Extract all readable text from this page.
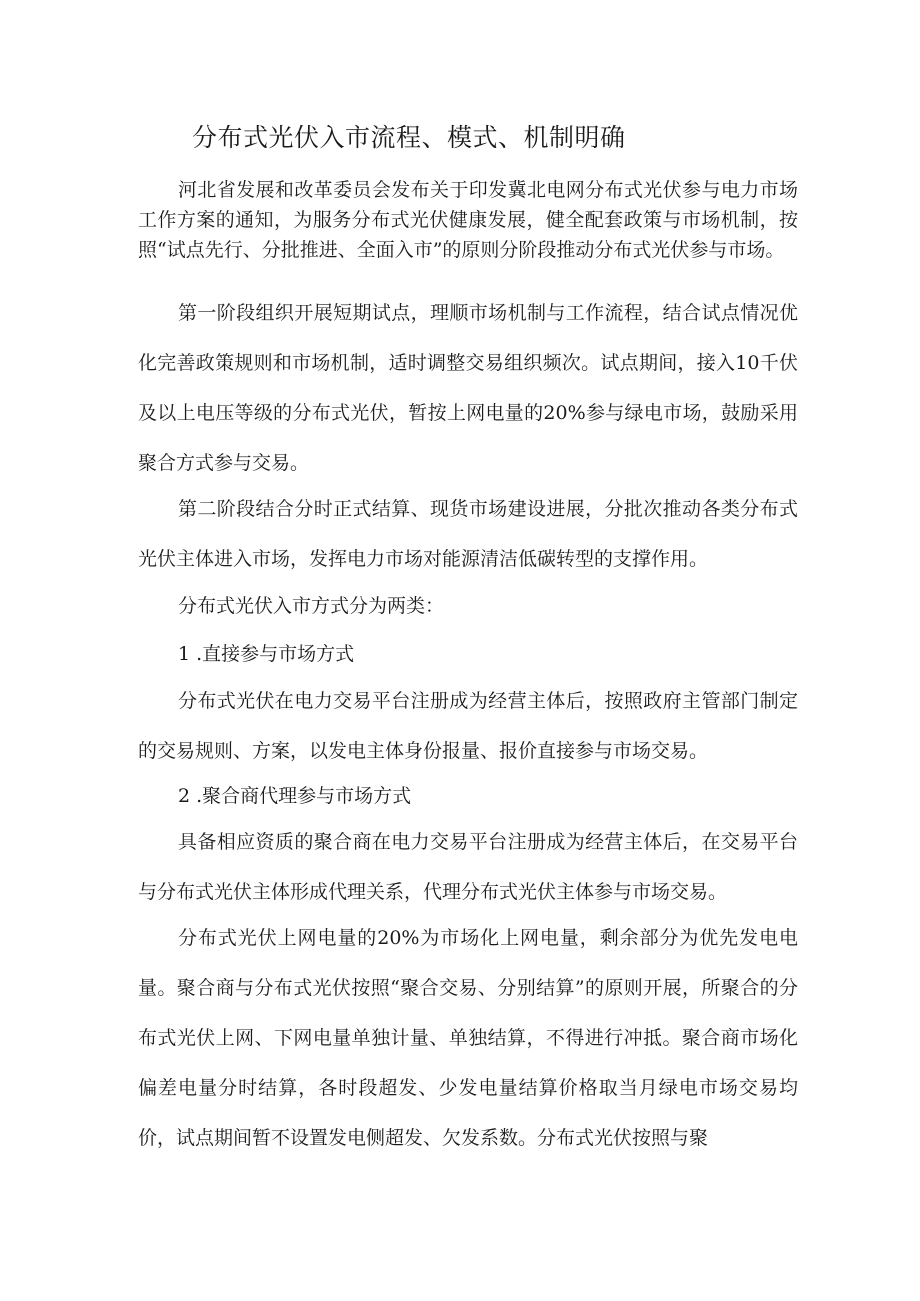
分布式光伏入市流程、模式、机制明确
河北省发展和改革委员会发布关于印发冀北电网分布式光伏参与电力市场工作方案的通知，为服务分布式光伏健康发展，健全配套政策与市场机制，按照“试点先行、分批推进、全面入市”的原则分阶段推动分布式光伏参与市场。
第一阶段组织开展短期试点，理顺市场机制与工作流程，结合试点情况优化完善政策规则和市场机制，适时调整交易组织频次。试点期间，接入10千伏及以上电压等级的分布式光伏，暂按上网电量的20%参与绿电市场，鼓励采用聚合方式参与交易。
第二阶段结合分时正式结算、现货市场建设进展，分批次推动各类分布式光伏主体进入市场，发挥电力市场对能源清洁低碳转型的支撑作用。
分布式光伏入市方式分为两类：
1 .直接参与市场方式
分布式光伏在电力交易平台注册成为经营主体后，按照政府主管部门制定的交易规则、方案，以发电主体身份报量、报价直接参与市场交易。
2 .聚合商代理参与市场方式
具备相应资质的聚合商在电力交易平台注册成为经营主体后，在交易平台与分布式光伏主体形成代理关系，代理分布式光伏主体参与市场交易。
分布式光伏上网电量的20%为市场化上网电量，剩余部分为优先发电电量。聚合商与分布式光伏按照“聚合交易、分别结算”的原则开展，所聚合的分布式光伏上网、下网电量单独计量、单独结算，不得进行冲抵。聚合商市场化偏差电量分时结算，各时段超发、少发电量结算价格取当月绿电市场交易均价，试点期间暂不设置发电侧超发、欠发系数。分布式光伏按照与聚
